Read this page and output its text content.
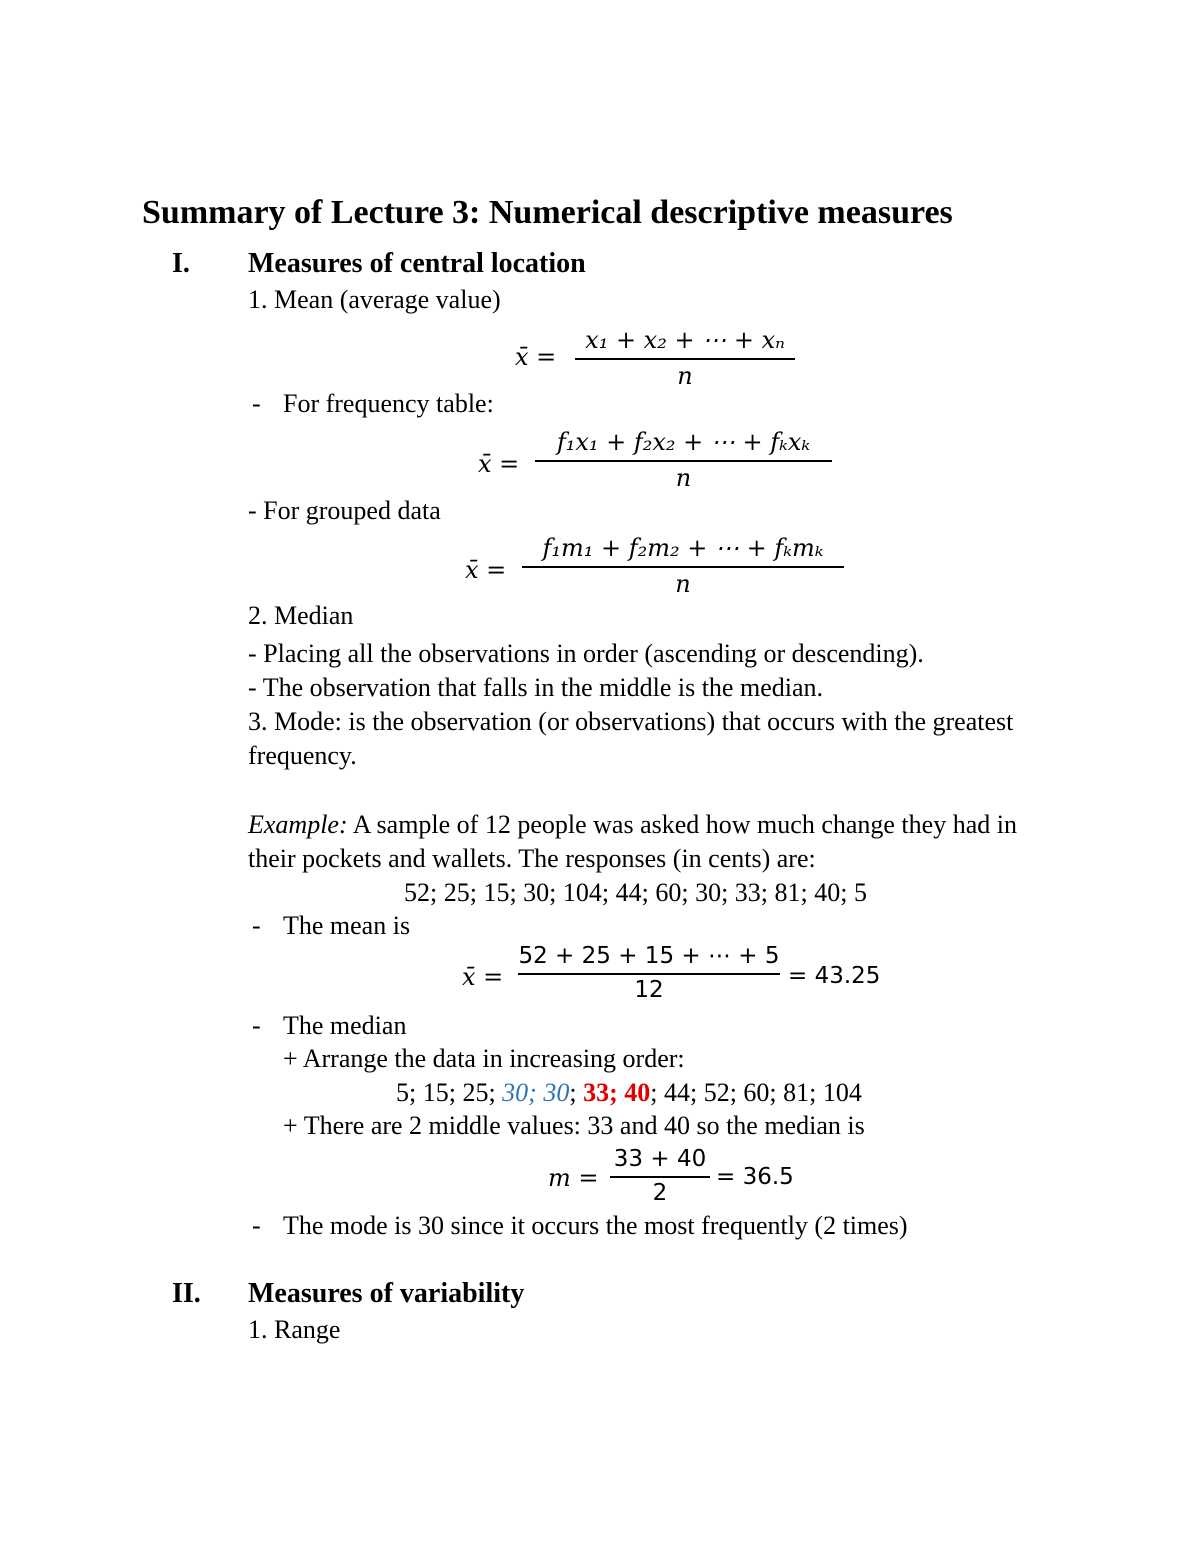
Summary of Lecture 3: Numerical descriptive measures
I. Measures of central location
1. Mean (average value)
x̄ =
x₁ + x₂ + ⋯ + xₙ
n
- For frequency table:
x̄ =
f₁x₁ + f₂x₂ + ⋯ + fₖxₖ
n
- For grouped data
x̄ =
f₁m₁ + f₂m₂ + ⋯ + fₖmₖ
n
2. Median
- Placing all the observations in order (ascending or descending).
- The observation that falls in the middle is the median.
3. Mode: is the observation (or observations) that occurs with the greatest
frequency.
Example: A sample of 12 people was asked how much change they had in
their pockets and wallets. The responses (in cents) are:
52; 25; 15; 30; 104; 44; 60; 30; 33; 81; 40; 5
- The mean is
x̄ =
52 + 25 + 15 + ⋯ + 5
12
= 43.25
- The median
+ Arrange the data in increasing order:
5; 15; 25; 30; 30; 33; 40; 44; 52; 60; 81; 104
+ There are 2 middle values: 33 and 40 so the median is
m =
33 + 40
2
= 36.5
- The mode is 30 since it occurs the most frequently (2 times)
II. Measures of variability
1. Range
